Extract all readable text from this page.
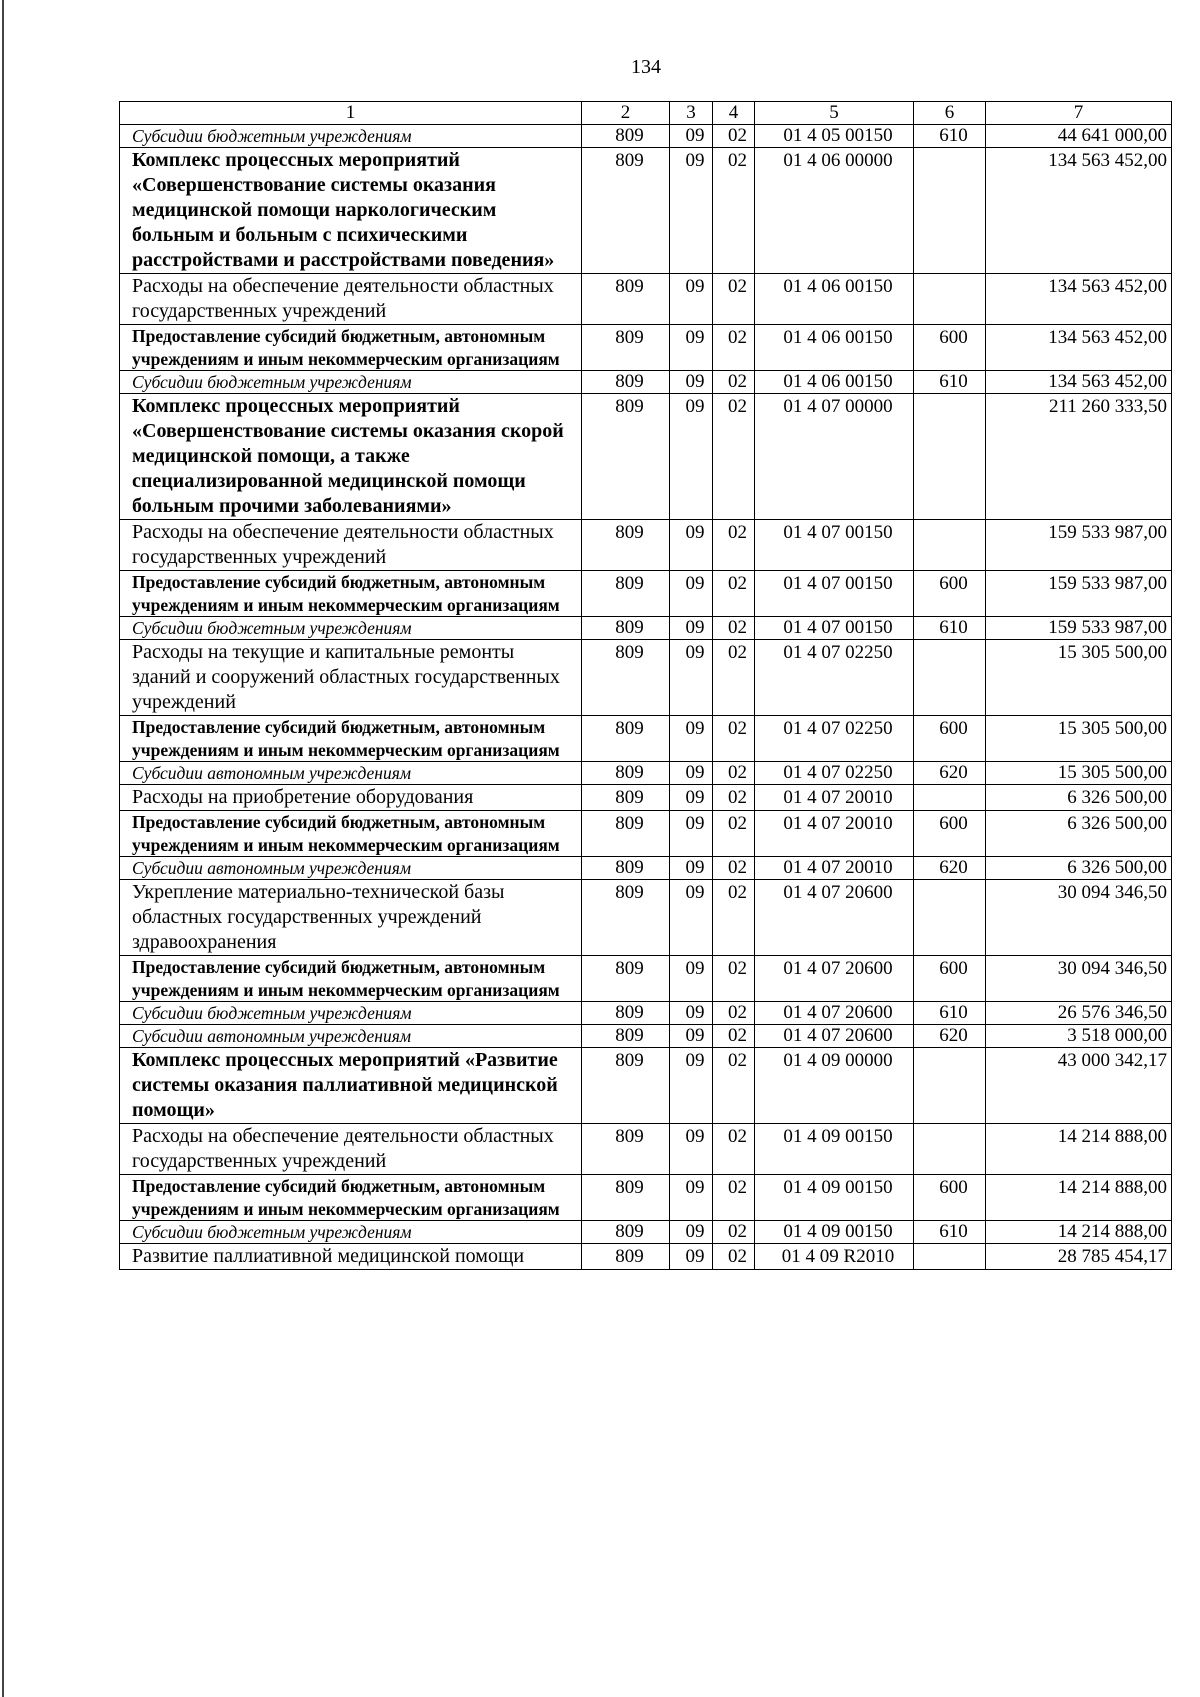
134
1	2	3	4	5	6	7
Субсидии бюджетным учреждениям	809	09	02	01 4 05 00150	610	44 641 000,00
Комплекс процессных мероприятий «Совершенствование системы оказания медицинской помощи наркологическим больным и больным с психическими расстройствами и расстройствами поведения»	809	09	02	01 4 06 00000		134 563 452,00
Расходы на обеспечение деятельности областных государственных учреждений	809	09	02	01 4 06 00150		134 563 452,00
Предоставление субсидий бюджетным, автономным учреждениям и иным некоммерческим организациям	809	09	02	01 4 06 00150	600	134 563 452,00
Субсидии бюджетным учреждениям	809	09	02	01 4 06 00150	610	134 563 452,00
Комплекс процессных мероприятий «Совершенствование системы оказания скорой медицинской помощи, а также специализированной медицинской помощи больным прочими заболеваниями»	809	09	02	01 4 07 00000		211 260 333,50
Расходы на обеспечение деятельности областных государственных учреждений	809	09	02	01 4 07 00150		159 533 987,00
Предоставление субсидий бюджетным, автономным учреждениям и иным некоммерческим организациям	809	09	02	01 4 07 00150	600	159 533 987,00
Субсидии бюджетным учреждениям	809	09	02	01 4 07 00150	610	159 533 987,00
Расходы на текущие и капитальные ремонты зданий и сооружений областных государственных учреждений	809	09	02	01 4 07 02250		15 305 500,00
Предоставление субсидий бюджетным, автономным учреждениям и иным некоммерческим организациям	809	09	02	01 4 07 02250	600	15 305 500,00
Субсидии автономным учреждениям	809	09	02	01 4 07 02250	620	15 305 500,00
Расходы на приобретение оборудования	809	09	02	01 4 07 20010		6 326 500,00
Предоставление субсидий бюджетным, автономным учреждениям и иным некоммерческим организациям	809	09	02	01 4 07 20010	600	6 326 500,00
Субсидии автономным учреждениям	809	09	02	01 4 07 20010	620	6 326 500,00
Укрепление материально-технической базы областных государственных учреждений здравоохранения	809	09	02	01 4 07 20600		30 094 346,50
Предоставление субсидий бюджетным, автономным учреждениям и иным некоммерческим организациям	809	09	02	01 4 07 20600	600	30 094 346,50
Субсидии бюджетным учреждениям	809	09	02	01 4 07 20600	610	26 576 346,50
Субсидии автономным учреждениям	809	09	02	01 4 07 20600	620	3 518 000,00
Комплекс процессных мероприятий «Развитие системы оказания паллиативной медицинской помощи»	809	09	02	01 4 09 00000		43 000 342,17
Расходы на обеспечение деятельности областных государственных учреждений	809	09	02	01 4 09 00150		14 214 888,00
Предоставление субсидий бюджетным, автономным учреждениям и иным некоммерческим организациям	809	09	02	01 4 09 00150	600	14 214 888,00
Субсидии бюджетным учреждениям	809	09	02	01 4 09 00150	610	14 214 888,00
Развитие паллиативной медицинской помощи	809	09	02	01 4 09 R2010		28 785 454,17
